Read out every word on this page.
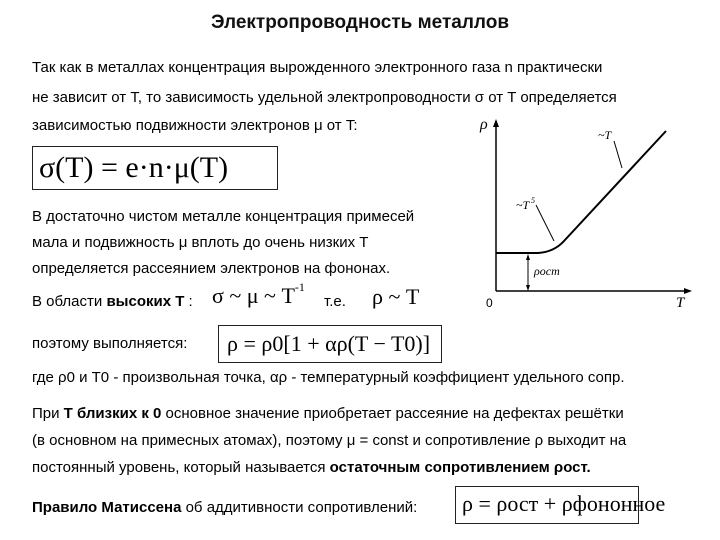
Электропроводность металлов
Так как в металлах концентрация вырожденного электронного газа n практически
не зависит от T, то зависимость удельной электропроводности σ от T определяется
зависимостью подвижности электронов μ от T:
σ(T) = e·n·μ(T)
В достаточно чистом металле концентрация примесей
мала и подвижность μ вплоть до очень низких T
определяется рассеянием электронов на фононах.
В области высоких T : σ ~ μ ~ $T^{-1}$
т.е. ρ ~ T
поэтому выполняется:	ρ = ρ0[1 + αρ(T − T0)]
где ρ0 и T0 - произвольная точка, αρ - температурный коэффициент удельного сопр.
При T близких к 0 основное значение приобретает рассеяние на дефектах решётки
(в основном на примесных атомах), поэтому μ = const и сопротивление ρ выходит на
постоянный уровень, который называется остаточным сопротивлением ρост.
Правило Матиссена об аддитивности сопротивлений:	ρ = ρост + ρфононное
ρ
T
0
~T
~T 5
ρост
